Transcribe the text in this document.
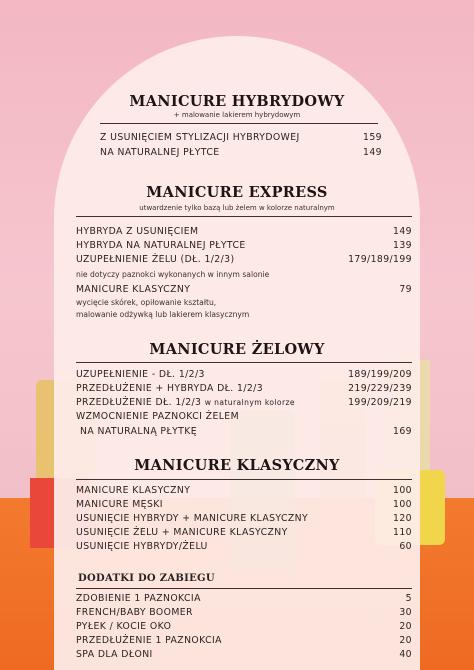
MANICURE HYBRYDOWY
+ malowanie lakierem hybrydowym
Z USUNIĘCIEM STYLIZACJI HYBRYDOWEJ	159
NA NATURALNEJ PŁYTCE	149
MANICURE EXPRESS
utwardzenie tylko bazą lub żelem w kolorze naturalnym
HYBRYDA Z USUNIĘCIEM	149
HYBRYDA NA NATURALNEJ PŁYTCE	139
UZUPEŁNIENIE ŻELU (DŁ. 1/2/3)	179/189/199
nie dotyczy paznokci wykonanych w innym salonie
MANICURE KLASYCZNY	79
wycięcie skórek, opiłowanie kształtu,
malowanie odżywką lub lakierem klasycznym
MANICURE ŻELOWY
UZUPEŁNIENIE - DŁ. 1/2/3	189/199/209
PRZEDŁUŻENIE + HYBRYDA DŁ. 1/2/3	219/229/239
PRZEDŁUŻENIE DŁ. 1/2/3 w naturalnym kolorze	199/209/219
WZMOCNIENIE PAZNOKCI ŻELEM
NA NATURALNĄ PŁYTKĘ	169
MANICURE KLASYCZNY
MANICURE KLASYCZNY	100
MANICURE MĘSKI	100
USUNIĘCIE HYBRYDY + MANICURE KLASYCZNY	120
USUNIĘCIE ŻELU + MANICURE KLASYCZNY	110
USUNIĘCIE HYBRYDY/ŻELU	60
DODATKI DO ZABIEGU
ZDOBIENIE 1 PAZNOKCIA	5
FRENCH/BABY BOOMER	30
PYŁEK / KOCIE OKO	20
PRZEDŁUŻENIE 1 PAZNOKCIA	20
SPA DLA DŁONI	40
